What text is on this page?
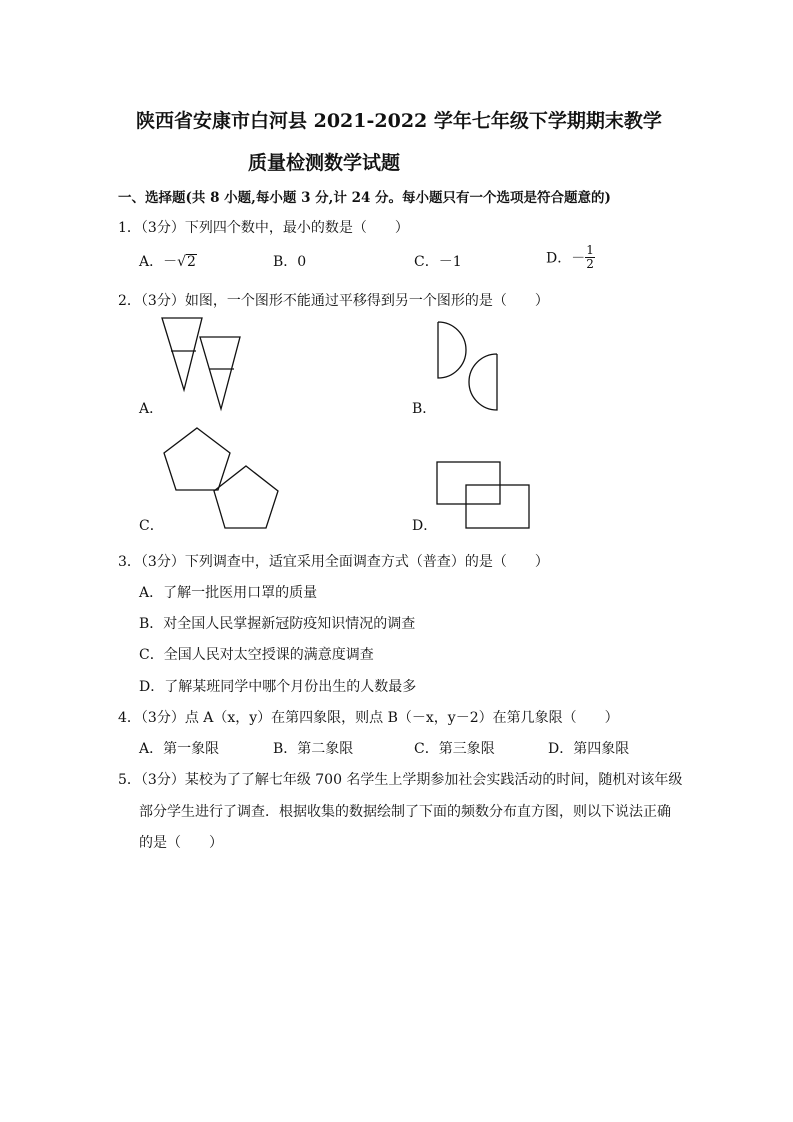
陕西省安康市白河县 2021-2022 学年七年级下学期期末教学
质量检测数学试题
一、选择题(共 8 小题,每小题 3 分,计 24 分。每小题只有一个选项是符合题意的)
1．（3分）下列四个数中，最小的数是（　　）
A．－√2	B．0	C．－1	D．－ $\frac{1}{2}$
2．（3分）如图，一个图形不能通过平移得到另一个图形的是（　　）
A．	B．
C．	D．
3．（3分）下列调查中，适宜采用全面调查方式（普查）的是（　　）
A．了解一批医用口罩的质量
B．对全国人民掌握新冠防疫知识情况的调查
C．全国人民对太空授课的满意度调查
D．了解某班同学中哪个月份出生的人数最多
4．（3分）点 A（x，y）在第四象限，则点 B（－x，y－2）在第几象限（　　）
A．第一象限	B．第二象限	C．第三象限	D．第四象限
5．（3分）某校为了了解七年级 700 名学生上学期参加社会实践活动的时间，随机对该年级
部分学生进行了调查．根据收集的数据绘制了下面的频数分布直方图，则以下说法正确
的是（　　）
